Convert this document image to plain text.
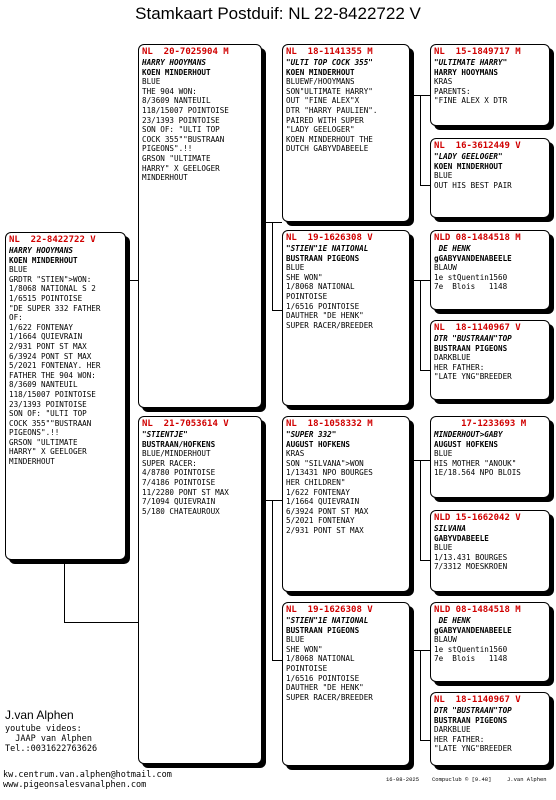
Stamkaart Postduif: NL 22-8422722 V
NL  22-8422722 V
HARRY HOOYMANS
KOEN MINDERHOUT
BLUE
GRDTR "STIEN">WON:
1/8068 NATIONAL S 2
1/6515 POINTOISE
"DE SUPER 332 FATHER
OF:
1/622 FONTENAY
1/1664 QUIEVRAIN
2/931 PONT ST MAX
6/3924 PONT ST MAX
5/2021 FONTENAY. HER
FATHER THE 904 WON:
8/3609 NANTEUIL
118/15007 POINTOISE
23/1393 POINTOISE
SON OF: "ULTI TOP
COCK 355""BUSTRAAN
PIGEONS".!!
GRSON "ULTIMATE
HARRY" X GEELOGER
MINDERHOUT
NL  20-7025904 M
HARRY HOOYMANS
KOEN MINDERHOUT
BLUE
THE 904 WON:
8/3609 NANTEUIL
118/15007 POINTOISE
23/1393 POINTOISE
SON OF: "ULTI TOP
COCK 355""BUSTRAAN
PIGEONS".!!
GRSON "ULTIMATE
HARRY" X GEELOGER
MINDERHOUT
NL  21-7053614 V
"STIENTJE"
BUSTRAAN/HOFKENS
BLUE/MINDERHOUT
SUPER RACER:
4/8780 POINTOISE
7/4186 POINTOISE
11/2280 PONT ST MAX
7/1094 QUIEVRAIN
5/180 CHATEAUROUX
NL  18-1141355 M
"ULTI TOP COCK 355"
KOEN MINDERHOUT
BLUEWF/HOOYMANS
SON"ULTIMATE HARRY"
OUT "FINE ALEX"X
DTR "HARRY PAULIEN".
PAIRED WITH SUPER
"LADY GEELOGER"
KOEN MINDERHOUT THE
DUTCH GABYVDABEELE
NL  19-1626308 V
"STIEN"1E NATIONAL
BUSTRAAN PIGEONS
BLUE
SHE WON"
1/8068 NATIONAL
POINTOISE
1/6516 POINTOISE
DAUTHER "DE HENK"
SUPER RACER/BREEDER
NL  18-1058332 M
"SUPER 332"
AUGUST HOFKENS
KRAS
SON "SILVANA">WON
1/13431 NPO BOURGES
HER CHILDREN"
1/622 FONTENAY
1/1664 QUIEVRAIN
6/3924 PONT ST MAX
5/2021 FONTENAY
2/931 PONT ST MAX
NL  19-1626308 V
"STIEN"1E NATIONAL
BUSTRAAN PIGEONS
BLUE
SHE WON"
1/8068 NATIONAL
POINTOISE
1/6516 POINTOISE
DAUTHER "DE HENK"
SUPER RACER/BREEDER
NL  15-1849717 M
"ULTIMATE HARRY"
HARRY HOOYMANS
KRAS
PARENTS:
"FINE ALEX X DTR
NL  16-3612449 V
"LADY GEELOGER"
KOEN MINDERHOUT
BLUE
OUT HIS BEST PAIR
NLD 08-1484518 M
DE HENK
gGABYVANDENABEELE
BLAUW
1e stQuentin1560
7e  Blois   1148
NL  18-1140967 V
DTR "BUSTRAAN"TOP
BUSTRAAN PIGEONS
DARKBLUE
HER FATHER:
"LATE YNG"BREEDER
17-1233693 M
MINDERHOUT>GABY
AUGUST HOFKENS
BLUE
HIS MOTHER "ANOUK"
1E/18.564 NPO BLOIS
NLD 15-1662042 V
SILVANA
GABYVDABEELE
BLUE
1/13.431 BOURGES
7/3312 MOESKROEN
NLD 08-1484518 M
DE HENK
gGABYVANDENABEELE
BLAUW
1e stQuentin1560
7e  Blois   1148
NL  18-1140967 V
DTR "BUSTRAAN"TOP
BUSTRAAN PIGEONS
DARKBLUE
HER FATHER:
"LATE YNG"BREEDER
J.van Alphen
youtube videos:
JAAP van Alphen
Tel.:0031622763626
kw.centrum.van.alphen@hotmail.com
www.pigeonsalesvanalphen.com
16-08-2025 Compuclub © [9.48]	J.van Alphen
